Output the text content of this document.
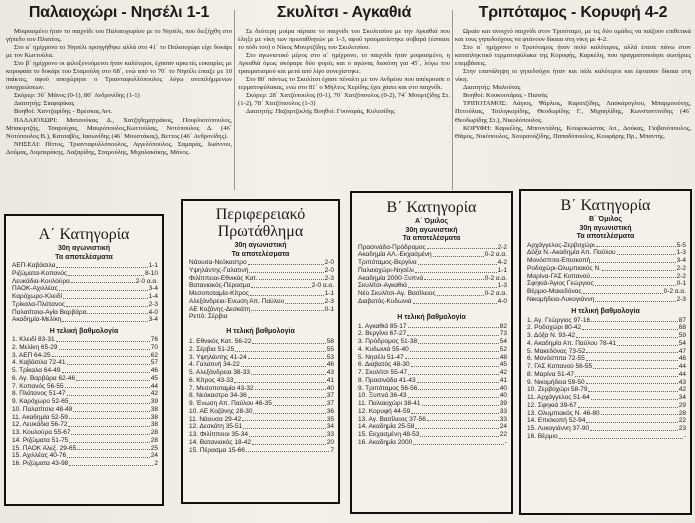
Παλαιοχώρι - Νησέλι 1-1

Μοιρασμένο ήταν το παιχνίδι του Παλαιοχωρίου με το Νησέλι, που διεξήχθη στο γήπεδο του Πλατέος.

Στο α΄ ημίχρονο το Νησέλι προηγήθηκε αλλά στο 41΄ το Παλαιοχώρι είχε δοκάρι με τον Κωττούλα.

Στο β΄ ημίχρονο οι φιλοξενούμενοι ήταν καλύτεροι, έχασαν αρκετές ευκαιρίες με κορυφαία το δοκάρι του Σταμούλη στο 68΄, ενώ από το 70΄ το Νησέλι έπαιζε με 10 παίκτες, αφού αποχώρησε ο Τριανταφυλλόπουλος λόγω ανεπιλήμμενων υποχρεώσεων.

Σκόρερ: 36΄ Μάνος (0-1), 80΄ Ανδρονίδης (1-1)

Διαιτητής: Σιαφαρίκας

Βοηθοί: Χαντζαρίδης - Βρέσκας Αντ.

ΠΑΛΑΙΟΧΩΡΙ: Ματσούκας Δ., Χατζηδημητράκος, Πουρλιοτόπουλος, Μπακιρτζής, Τσαρούχας, Μαυρόπουλος,Κωττούλας, Νοτόπουλος Δ. (46΄ Νοτόπουλος Β.), Κατσαβός, Ιασωνίδης (46΄ Μουστάκας), Βεττος (46΄ Ανδρονίδης).

ΝΗΣΕΛΙ: Πίττος, Τριανταφυλλόπουλος, Αγγελόπουλος, Σαμαράς, Ιωάννου, Δούμας, Λυμπεράκης, Λαζαρίδης, Σταμούλης, Μιχαλακάκης, Μάνος.

Σκυλίτσι - Αγκαθιά

Σε δεύτερη μοίρα πέρασε το παιχνίδι του Σκυλιτσίου με την Αγκαθιά που έληξε με νίκη των πρωταθλητών με 1-3, αφού τραυματίστηκε σοβαρά (έσπασε το πόδι του) ο Νίκος Μουρτζίδης του Σκυλιτσίου.

Στο αγωνιστικό μέρος στο α΄ ημίχρονο, το παιχνίδι ήταν μοιρασμένο, η Αγκαθιά όμως σκόραρε δύο φορές και ο αγώνας διεκόπη για 45΄, λόγω του τραυματισμού και μετά από λίγο συνεχίστηκε.

Στο 80΄ πάντως το Σκυλίτσι έχασε πέναλτι με τον Ανδρέου που απέκρουσε ο τερματοφύλακας, ενώ στο 81΄ ο Μήλτος Χερίδης έχει χάσει και στο παιχνίδι.

Σκόρερ: 28΄ Χατζόπουλος (0-1), 70΄ Χατζόπουλος (0-2), 74΄ Μουρτζίδης Στ. (1-2), 78΄ Χατζόπουλος (1-3)

Διαιτητής: Παζαρτζικλής Βοηθοί: Γουναράς, Κολεσίδης

Τριπόταμος - Κορυφή 4-2

Ωραίο και ανοιχτό παιχνίδι στον Τριπόταμο, με τις δύο ομάδες να παίζουν επιθετικά και τους γηπεδούχους να φτάνουν δίκαια στη νίκη με 4-2.

Στο α΄ ημίχρονο ο Τριπόταμος ήταν πολύ καλύτερος, αλλά έπεσε πάνω στον καταπληκτικό τερματοφύλακα της Κορυφής, Καρκέλη, που πραγματοποίησε σωτήριες επεμβάσεις.

Στην επανάληψη οι γηπεδούχοι ήταν και πάλι καλύτεροι και έφτασαν δίκαια στη νίκη.

Διαιτητής: Μαλούτας

Βοηθοί: Κουκουτάρας - Πισσάς

ΤΡΙΠΟΤΑΜΟΣ: Λάγιος, Ψάρλιος, Καρατζίδης, Λασκάρογλου, Μπαρμπούτης, Πετούλιας, Τσιλιγκορίδης, Θεοδωρίδης Γ., Μιχαηλίδης, Κωνσταντινίδης (46΄ Θεοδωρίδης Στ.), Νικολόπουλος.

ΚΟΡΥΦΗ: Καρκέλης, Μπουντάλης, Κουφοκώστας Απ., Δούκας, Γιοβανόπουλος, Θάμος, Νικόπουλος, Χουρσούζίδης, Παπαδόπουλος, Κουφάρης Πρ., Μπαντής.

Α΄ Κατηγορία
30η αγωνιστική
Τα αποτελέσματα
ΑΕΠ-Καβάσιλα	1-1
Ριζώματα-Κοπανός	8-10
Λευκάδια-Κουλούρα	2-0 α.α.
ΠΑΟΚ-Αχιλλέας	3-4
Καρόχωρο-Κλειδί	1-4
Τρίκαλα-Πλάτανος	2-3
Παλατίτσια-Αγία Βαρβάρα	4-0
Ακαδημία-Μελίκη	3-4
Η τελική βαθμολογία
1. Κλειδί 83-31	76
2. Μελίκη 65-29	70
3. ΑΕΠ 64-25	62
4. Καβάσιλα 72-41	57
5. Τρίκαλα 64-49	46
6. Αγ. Βαρβάρα 62-46	45
7. Κοπανός 56-55	44
8. Πλάτανος 51-47	42
9. Καρόχωρο 52-65	39
10. Παλατίτσια 48-48	38
11. Ακαδημία 52-59	38
12. Λευκάδια 56-72	38
13. Κουλούρα 55-67	28
14. Ριζώματα 51-75	28
15. ΠΑΟΚ Αλεξ. 29-65	25
15. Αχιλλέας 40-76	24
16. Ριζώματα 43-98	2
Περιφερειακό
Πρωτάθλημα
30η αγωνιστική
Τα αποτελέσματα
Νάουσα-Νεόκαστρο	2-0
Υψηλάντης-Γαλατινή	2-0
Φιλίππειοι-Εθνικός Κατ.	2-3
Βατανιακός-Πέρασμα	2-0 α.α.
Μεσοποταμία-Κίτρος	1-1
Αλεξάνδρεια-Ένωση Απ. Παύλου	2-3
ΑΕ Κοζάνης-Δεσκάτη	0-1
Ρεπό: Σέρβια
Η τελική βαθμολογία
1. Εθνικός Κατ. 56-22	58
2. Σέρβια 51-25	55
3. Υψηλάντης 41-24	53
4. Γαλατινή 34-22	46
5. Αλεξάνδρεια 38-33	43
6. Κίτρος 43-33	41
7. Μεσοποταμία 43-32	40
8. Νεόκαστρο 34-36	37
9. Ένωση Απ. Παύλου 46-35	37
10. ΑΕ Κοζάνης 28-30	36
11. Νάουσα 29-42	35
12. Δεσκάτη 35-51	34
13. Φιλίππειοι 35-34	33
14. Βατανιακός 18-42	20
15. Πέρασμα 15-66	7
Β΄ Κατηγορία
Α΄ Όμιλος
30η αγωνιστική
Τα αποτελέσματα
Πρασινάδα-Πρόδρομος	2-2
Ακαδημία ΑΛ.-Εκχασμένη	0-2 α.α.
Τριπόταμος-Βεργίνα	4-2
Παλαιοχώρι-Νησέλι	1-1
Ακαδημία 2000-Ξυπνά	0-2 α.α.
Σκυλίτσι-Αγκαθιά	1-3
Νέο Σκυλίτσι-Αγ. Βασίλειος	0-2 α.α.
Διαβατός-Κυδωνιά	4-0
Η τελική βαθμολογία
1. Αγκαθιά 85-17	82
2. Βεργίνα 67-27	73
3. Πρόδρομος 51-38	54
4. Κυδωνιά 55-40	52
5. Νησέλι 51-47	48
6. Διαβατός 48-30	45
7. Σκυλίτσι 55-47	42
8. Πρασινάδα 41-43	41
9. Τριπόταμος 56-56	40
10. Ξυπνά 36-43	40
11. Παλαιοχώρι 38-41	39
12. Κορυφή 44-59	33
13. Αγ. Βασίλειος 37-56	33
14. Ακαδημία 25-58	24
15. Εκχασμένη 48-53	22
16. Ακαδημία 2000	-
Β΄ Κατηγορία
Β΄ Όμιλος
30η αγωνιστική
Τα αποτελέσματα
Αρχάγγελος-Ζερβοχώρι	5-5
Δόξα Ν.-Ακαδημία Απ. Παύλου	1-3
Μονόσπιτα-Επισκοπή	3-4
Ροδοχώρι-Ολυμπιακός Ν.	2-2
Μαρίνα-ΓΑΣ Κοπανού	2-2
Σφηκιά-Άγιος Γεώργιος	0-1
Βέρμιο-Μακεδόνας	0-2 α.α.
Νικομήδεια-Λυκογιάννη	2-3
Η τελική βαθμολογία
1. Αγ. Γεώργιος 97-16	87
2. Ροδοχώρι 80-42	68
3. Δόξα Ν. 93-42	59
4. Ακαδημία Απ. Παύλου 78-41	54
5. Μακεδόνας 73-52	47
6. Μονόσπιτα 72-55	46
7. ΓΑΣ Κοπανού 56-55	44
8. Μαρίνα 51-47	44
9. Νικομήδεια 59-50	43
10. Ζερβοχώρι 58-79	42
11. Αρχάγγελος 51-64	34
12. Σφηκιά 39-67	29
13. Ολυμπιακός Ν. 46-80	28
14. Επισκοπή 52-94	22
15. Λυκογιάννη 37-90	23
16. Βέρμιο	-
